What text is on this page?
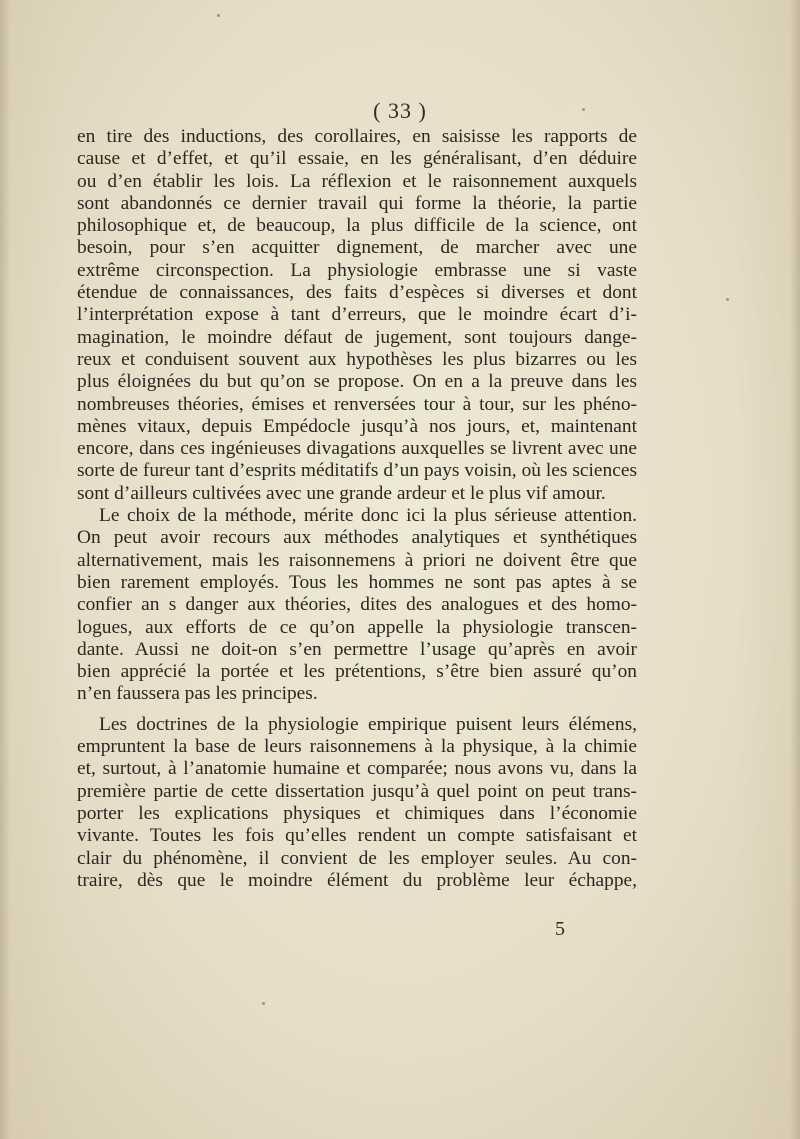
( 33 )
en tire des inductions, des corollaires, en saisisse les rapports de
cause et d’effet, et qu’il essaie, en les généralisant, d’en déduire
ou d’en établir les lois. La réflexion et le raisonnement auxquels
sont abandonnés ce dernier travail qui forme la théorie, la partie
philosophique et, de beaucoup, la plus difficile de la science, ont
besoin, pour s’en acquitter dignement, de marcher avec une
extrême circonspection. La physiologie embrasse une si vaste
étendue de connaissances, des faits d’espèces si diverses et dont
l’interprétation expose à tant d’erreurs, que le moindre écart d’i-
magination, le moindre défaut de jugement, sont toujours dange-
reux et conduisent souvent aux hypothèses les plus bizarres ou les
plus éloignées du but qu’on se propose. On en a la preuve dans les
nombreuses théories, émises et renversées tour à tour, sur les phéno-
mènes vitaux, depuis Empédocle jusqu’à nos jours, et, maintenant
encore, dans ces ingénieuses divagations auxquelles se livrent avec une
sorte de fureur tant d’esprits méditatifs d’un pays voisin, où les sciences
sont d’ailleurs cultivées avec une grande ardeur et le plus vif amour.
Le choix de la méthode, mérite donc ici la plus sérieuse attention.
On peut avoir recours aux méthodes analytiques et synthétiques
alternativement, mais les raisonnemens à priori ne doivent être que
bien rarement employés. Tous les hommes ne sont pas aptes à se
confier an s danger aux théories, dites des analogues et des homo-
logues, aux efforts de ce qu’on appelle la physiologie transcen-
dante. Aussi ne doit-on s’en permettre l’usage qu’après en avoir
bien apprécié la portée et les prétentions, s’être bien assuré qu’on
n’en faussera pas les principes.
Les doctrines de la physiologie empirique puisent leurs élémens,
empruntent la base de leurs raisonnemens à la physique, à la chimie
et, surtout, à l’anatomie humaine et comparée; nous avons vu, dans la
première partie de cette dissertation jusqu’à quel point on peut trans-
porter les explications physiques et chimiques dans l’économie
vivante. Toutes les fois qu’elles rendent un compte satisfaisant et
clair du phénomène, il convient de les employer seules. Au con-
traire, dès que le moindre élément du problème leur échappe,
5
